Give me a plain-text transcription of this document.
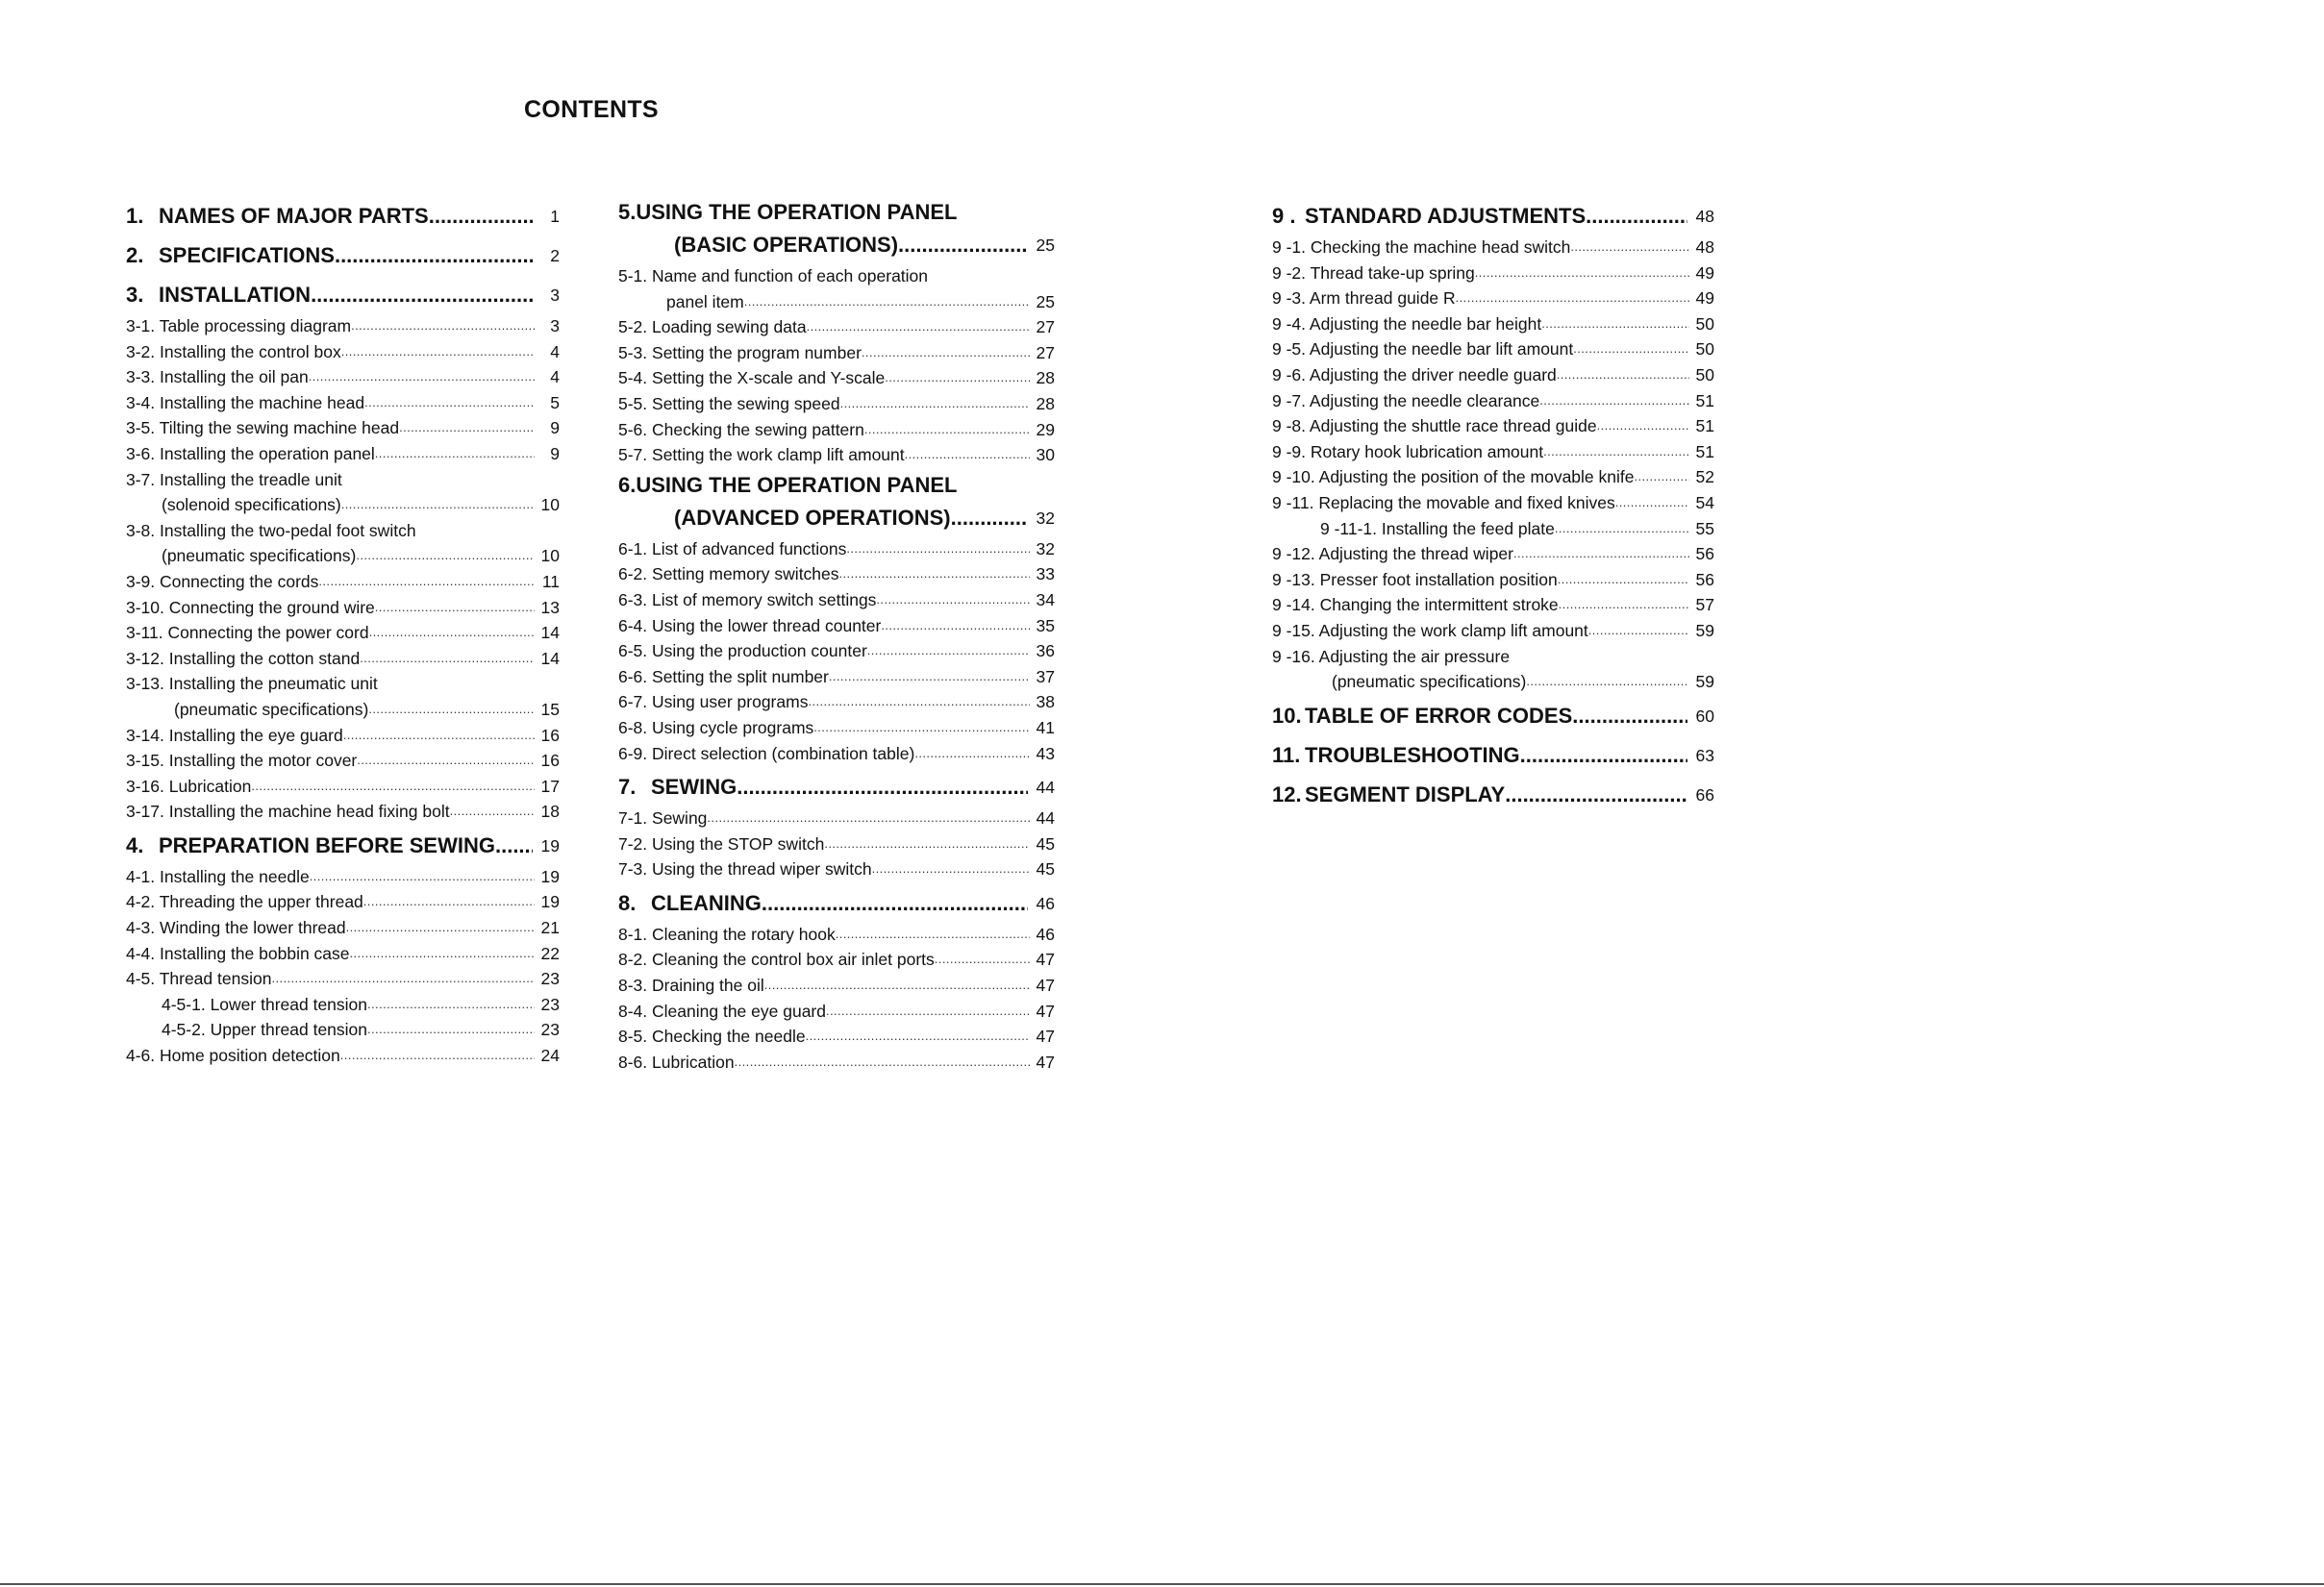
CONTENTS
1. NAMES OF MAJOR PARTS .....	1
2. SPECIFICATIONS .....	2
3. INSTALLATION .....	3
3-1. Table processing diagram .....	3
3-2. Installing the control box .....	4
3-3. Installing the oil pan .....	4
3-4. Installing the machine head .....	5
3-5. Tilting the sewing machine head .....	9
3-6. Installing the operation panel .....	9
3-7. Installing the treadle unit
(solenoid specifications) .....	10
3-8. Installing the two-pedal foot switch
(pneumatic specifications) .....	10
3-9. Connecting the cords .....	11
3-10. Connecting the ground wire .....	13
3-11. Connecting the power cord .....	14
3-12. Installing the cotton stand .....	14
3-13. Installing the pneumatic unit
(pneumatic specifications) .....	15
3-14. Installing the eye guard .....	16
3-15. Installing the motor cover .....	16
3-16. Lubrication .....	17
3-17. Installing the machine head fixing bolt .....	18
4. PREPARATION BEFORE SEWING .....	19
4-1. Installing the needle .....	19
4-2. Threading the upper thread .....	19
4-3. Winding the lower thread .....	21
4-4. Installing the bobbin case .....	22
4-5. Thread tension .....	23
4-5-1. Lower thread tension .....	23
4-5-2. Upper thread tension .....	23
4-6. Home position detection .....	24
5.USING THE OPERATION PANEL
(BASIC OPERATIONS) .....	25
5-1. Name and function of each operation
panel item .....	25
5-2. Loading sewing data .....	27
5-3. Setting the program number .....	27
5-4. Setting the X-scale and Y-scale .....	28
5-5. Setting the sewing speed .....	28
5-6. Checking the sewing pattern .....	29
5-7. Setting the work clamp lift amount .....	30
6.USING THE OPERATION PANEL
(ADVANCED OPERATIONS) .....	32
6-1. List of advanced functions .....	32
6-2. Setting memory switches .....	33
6-3. List of memory switch settings .....	34
6-4. Using the lower thread counter .....	35
6-5. Using the production counter .....	36
6-6. Setting the split number .....	37
6-7. Using user programs .....	38
6-8. Using cycle programs .....	41
6-9. Direct selection (combination table) .....	43
7. SEWING .....	44
7-1. Sewing .....	44
7-2. Using the STOP switch .....	45
7-3. Using the thread wiper switch .....	45
8. CLEANING .....	46
8-1. Cleaning the rotary hook .....	46
8-2. Cleaning the control box air inlet ports .....	47
8-3. Draining the oil .....	47
8-4. Cleaning the eye guard .....	47
8-5. Checking the needle .....	47
8-6. Lubrication .....	47
9 . STANDARD ADJUSTMENTS .....	48
9 -1. Checking the machine head switch .....	48
9 -2. Thread take-up spring .....	49
9 -3. Arm thread guide R .....	49
9 -4. Adjusting the needle bar height .....	50
9 -5. Adjusting the needle bar lift amount .....	50
9 -6. Adjusting the driver needle guard .....	50
9 -7. Adjusting the needle clearance .....	51
9 -8. Adjusting the shuttle race thread guide .....	51
9 -9. Rotary hook lubrication amount .....	51
9 -10. Adjusting the position of the movable knife .....	52
9 -11. Replacing the movable and fixed knives .....	54
9 -11-1. Installing the feed plate .....	55
9 -12. Adjusting the thread wiper .....	56
9 -13. Presser foot installation position .....	56
9 -14. Changing the intermittent stroke .....	57
9 -15. Adjusting the work clamp lift amount .....	59
9 -16. Adjusting the air pressure
(pneumatic specifications) .....	59
10. TABLE OF ERROR CODES .....	60
11. TROUBLESHOOTING .....	63
12. SEGMENT DISPLAY .....	66
